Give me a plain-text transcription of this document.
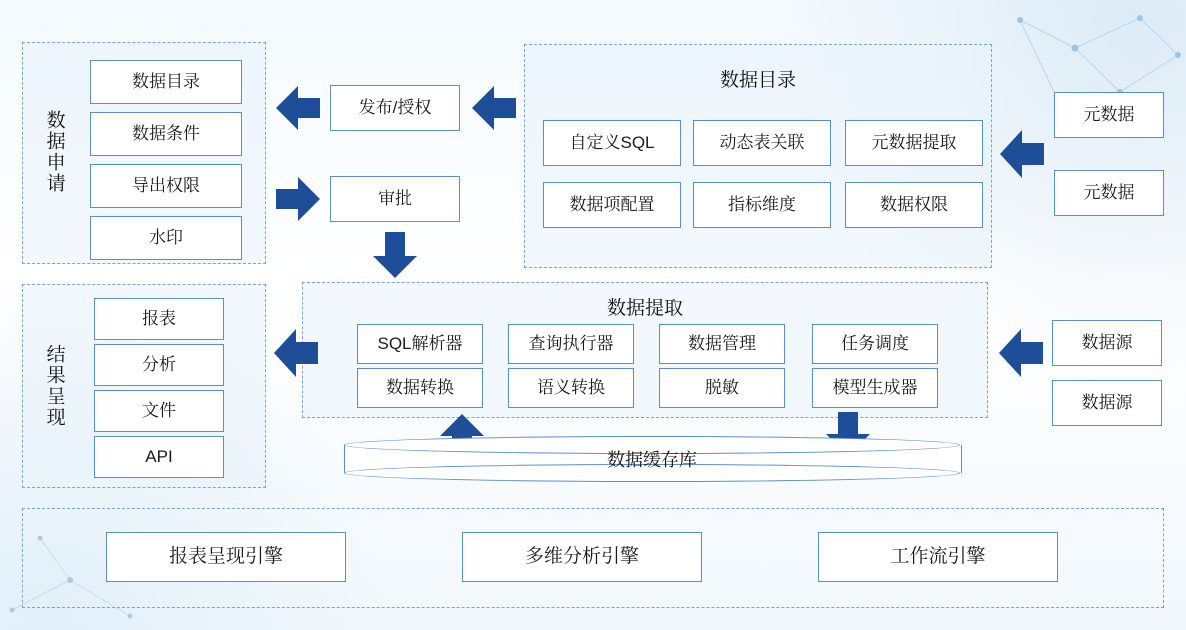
数据申请
数据目录
数据条件
导出权限
水印
结果呈现
报表
分析
文件
API
发布/授权
审批
数据目录
自定义SQL	动态表关联	元数据提取
数据项配置	指标维度	数据权限
数据提取
SQL解析器	查询执行器	数据管理	任务调度
数据转换	语义转换	脱敏	模型生成器
数据缓存库
元数据
元数据
数据源
数据源
报表呈现引擎	多维分析引擎	工作流引擎
